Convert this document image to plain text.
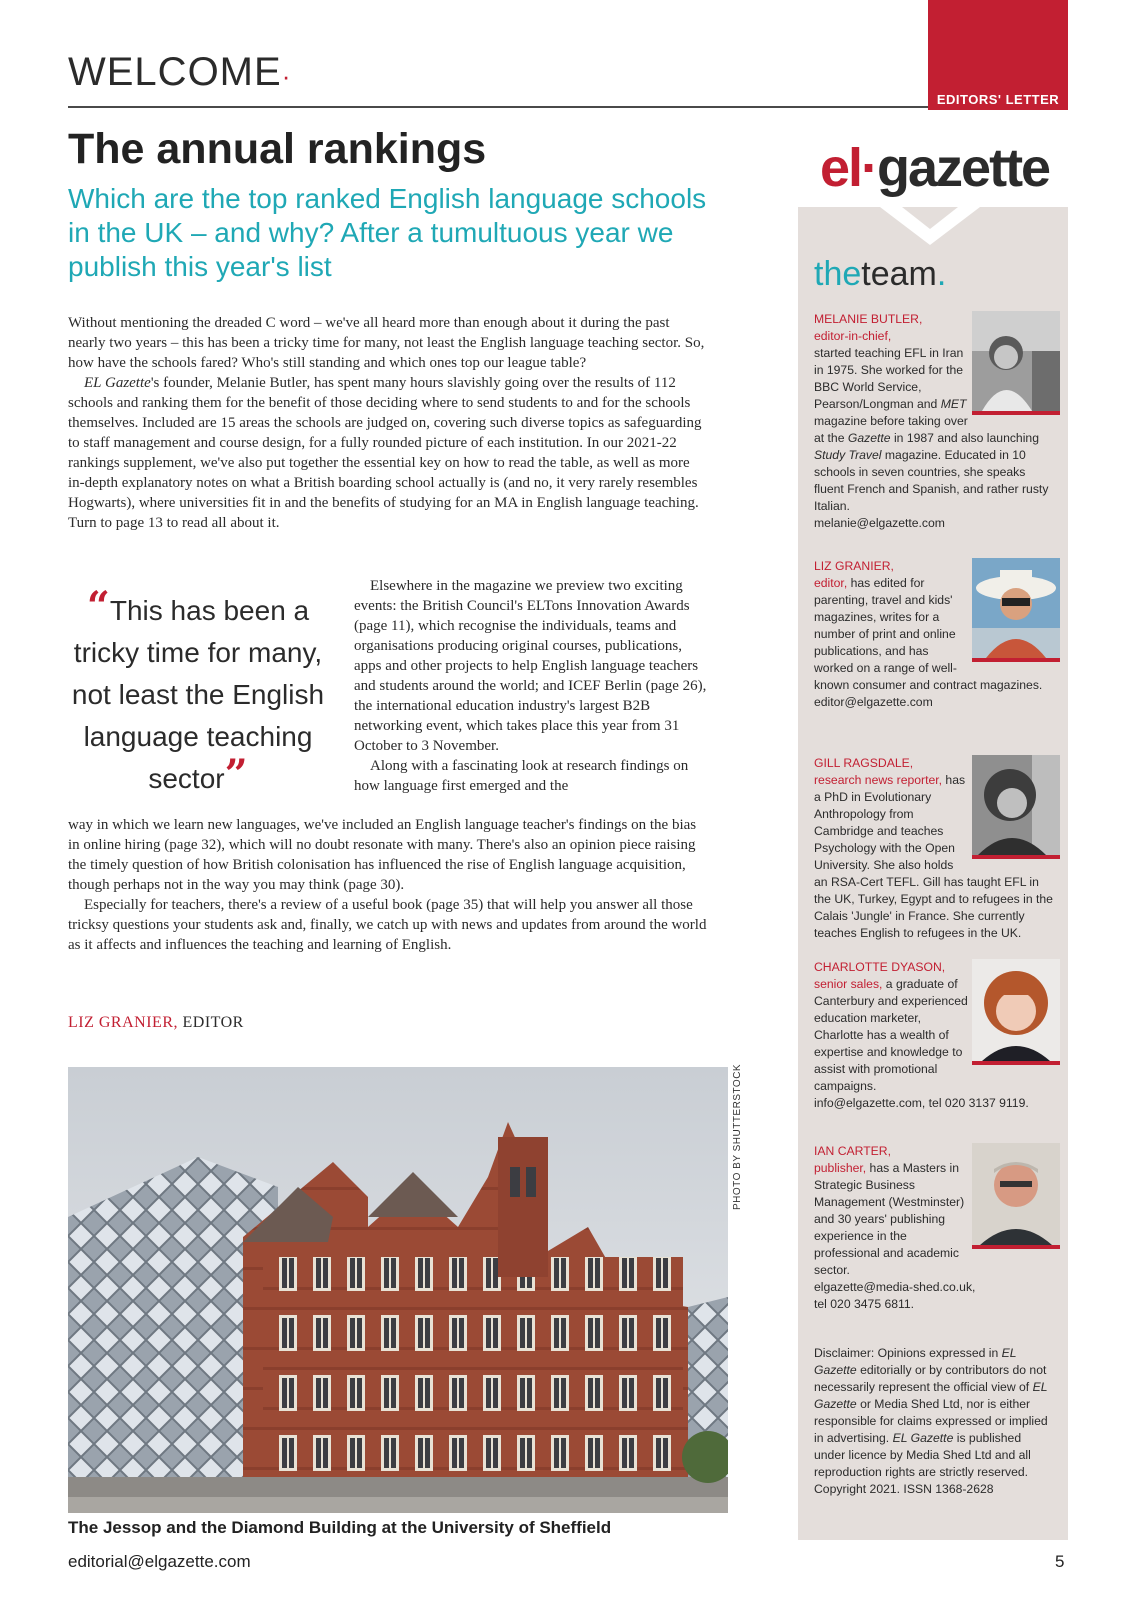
WELCOME·
EDITORS' LETTER
The annual rankings
Which are the top ranked English language schools in the UK – and why? After a tumultuous year we publish this year's list

Without mentioning the dreaded C word – we've all heard more than enough about it during the past nearly two years – this has been a tricky time for many, not least the English language teaching sector. So, how have the schools fared? Who's still standing and which ones top our league table?

EL Gazette's founder, Melanie Butler, has spent many hours slavishly going over the results of 112 schools and ranking them for the benefit of those deciding where to send students to and for the schools themselves. Included are 15 areas the schools are judged on, covering such diverse topics as safeguarding to staff management and course design, for a fully rounded picture of each institution. In our 2021-22 rankings supplement, we've also put together the essential key on how to read the table, as well as more in-depth explanatory notes on what a British boarding school actually is (and no, it very rarely resembles Hogwarts), where universities fit in and the benefits of studying for an MA in English language teaching. Turn to page 13 to read all about it.

“This has been a tricky time for many, not least the English language teaching sector”

Elsewhere in the magazine we preview two exciting events: the British Council's ELTons Innovation Awards (page 11), which recognise the individuals, teams and organisations producing original courses, publications, apps and other projects to help English language teachers and students around the world; and ICEF Berlin (page 26), the international education industry's largest B2B networking event, which takes place this year from 31 October to 3 November.

Along with a fascinating look at research findings on how language first emerged and the

way in which we learn new languages, we've included an English language teacher's findings on the bias in online hiring (page 32), which will no doubt resonate with many. There's also an opinion piece raising the timely question of how British colonisation has influenced the rise of English language acquisition, though perhaps not in the way you may think (page 30).

Especially for teachers, there's a review of a useful book (page 35) that will help you answer all those tricksy questions your students ask and, finally, we catch up with news and updates from around the world as it affects and influences the teaching and learning of English.

LIZ GRANIER, EDITOR
PHOTO BY SHUTTERSTOCK
The Jessop and the Diamond Building at the University of Sheffield
editorial@elgazette.com	5
el·gazette
theteam.
MELANIE BUTLER,
editor-in-chief,
started teaching EFL in Iran in 1975. She worked for the BBC World Service, Pearson/Longman and MET magazine before taking over at the Gazette in 1987 and also launching Study Travel magazine. Educated in 10 schools in seven countries, she speaks fluent French and Spanish, and rather rusty Italian.
melanie@elgazette.com
LIZ GRANIER,
editor, has edited for parenting, travel and kids' magazines, writes for a number of print and online publications, and has worked on a range of well-known consumer and contract magazines.
editor@elgazette.com
GILL RAGSDALE,
research news reporter, has a PhD in Evolutionary Anthropology from Cambridge and teaches Psychology with the Open University. She also holds an RSA-Cert TEFL. Gill has taught EFL in the UK, Turkey, Egypt and to refugees in the Calais 'Jungle' in France. She currently teaches English to refugees in the UK.
CHARLOTTE DYASON,
senior sales, a graduate of Canterbury and experienced education marketer, Charlotte has a wealth of expertise and knowledge to assist with promotional campaigns.
info@elgazette.com, tel 020 3137 9119.
IAN CARTER,
publisher, has a Masters in Strategic Business Management (Westminster) and 30 years' publishing experience in the professional and academic sector.
elgazette@media-shed.co.uk,
tel 020 3475 6811.
Disclaimer: Opinions expressed in EL Gazette editorially or by contributors do not necessarily represent the official view of EL Gazette or Media Shed Ltd, nor is either responsible for claims expressed or implied in advertising. EL Gazette is published under licence by Media Shed Ltd and all reproduction rights are strictly reserved. Copyright 2021. ISSN 1368-2628
